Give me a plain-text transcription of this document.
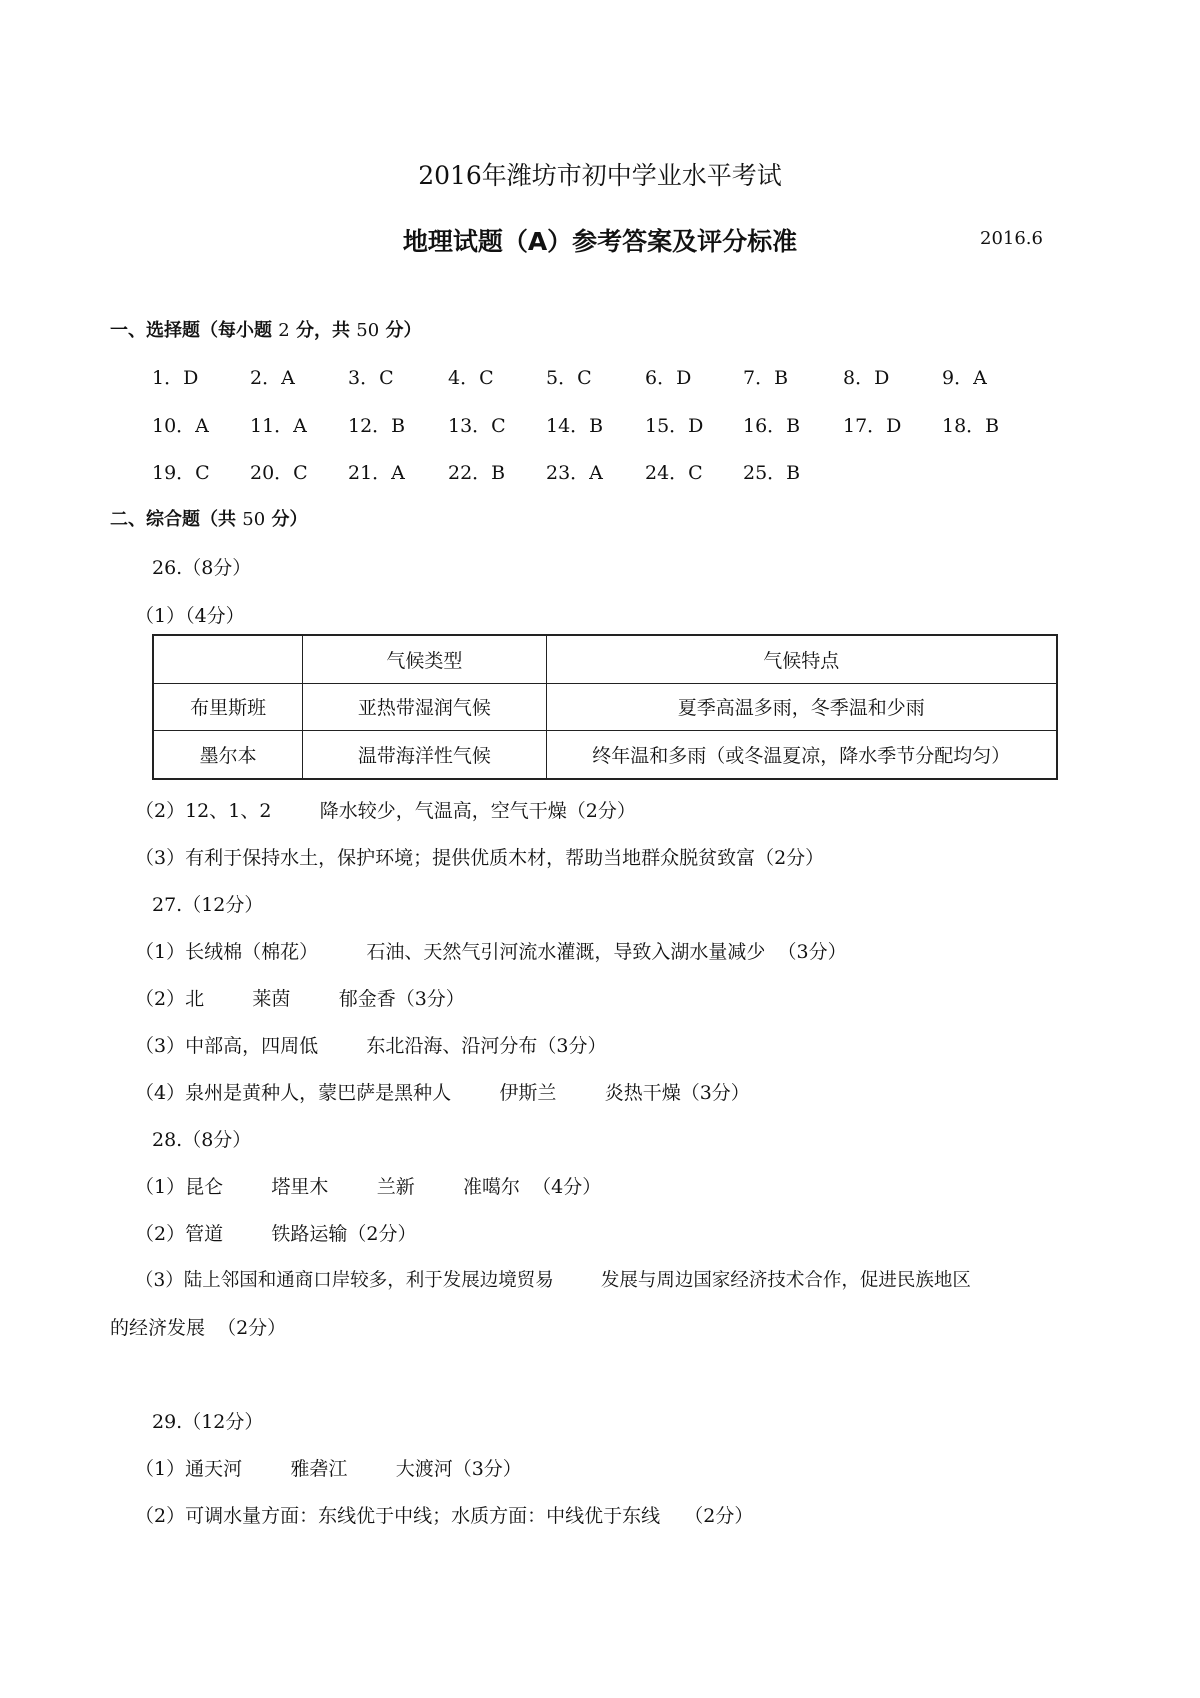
2016年潍坊市初中学业水平考试
地理试题（A）参考答案及评分标准	2016.6
一、选择题（每小题 2 分，共 50 分）
1．D	2．A	3．C	4．C	5．C	6．D	7．B	8．D	9．A
10．A 11．A 12．B 13．C 14．B 15．D 16．B 17．D 18．B
19．C 20．C 21．A 22．B 23．A 24．C 25．B
二、综合题（共 50 分）
26.（8分）
（1）（4分）
	气候类型	气候特点
布里斯班	亚热带湿润气候	夏季高温多雨，冬季温和少雨
墨尔本	温带海洋性气候	终年温和多雨（或冬温夏凉，降水季节分配均匀）
（2）12、1、2        降水较少，气温高，空气干燥（2分）
（3）有利于保持水土，保护环境；提供优质木材，帮助当地群众脱贫致富（2分）
27.（12分）
（1）长绒棉（棉花）        石油、天然气引河流水灌溉，导致入湖水量减少  （3分）
（2）北        莱茵        郁金香（3分）
（3）中部高，四周低        东北沿海、沿河分布（3分）
（4）泉州是黄种人，蒙巴萨是黑种人        伊斯兰        炎热干燥（3分）
28.（8分）
（1）昆仑        塔里木        兰新        准噶尔  （4分）
（2）管道        铁路运输（2分）
（3）陆上邻国和通商口岸较多，利于发展边境贸易        发展与周边国家经济技术合作，促进民族地区
的经济发展  （2分）
29.（12分）
（1）通天河        雅砻江        大渡河（3分）
（2）可调水量方面：东线优于中线；水质方面：中线优于东线    （2分）
